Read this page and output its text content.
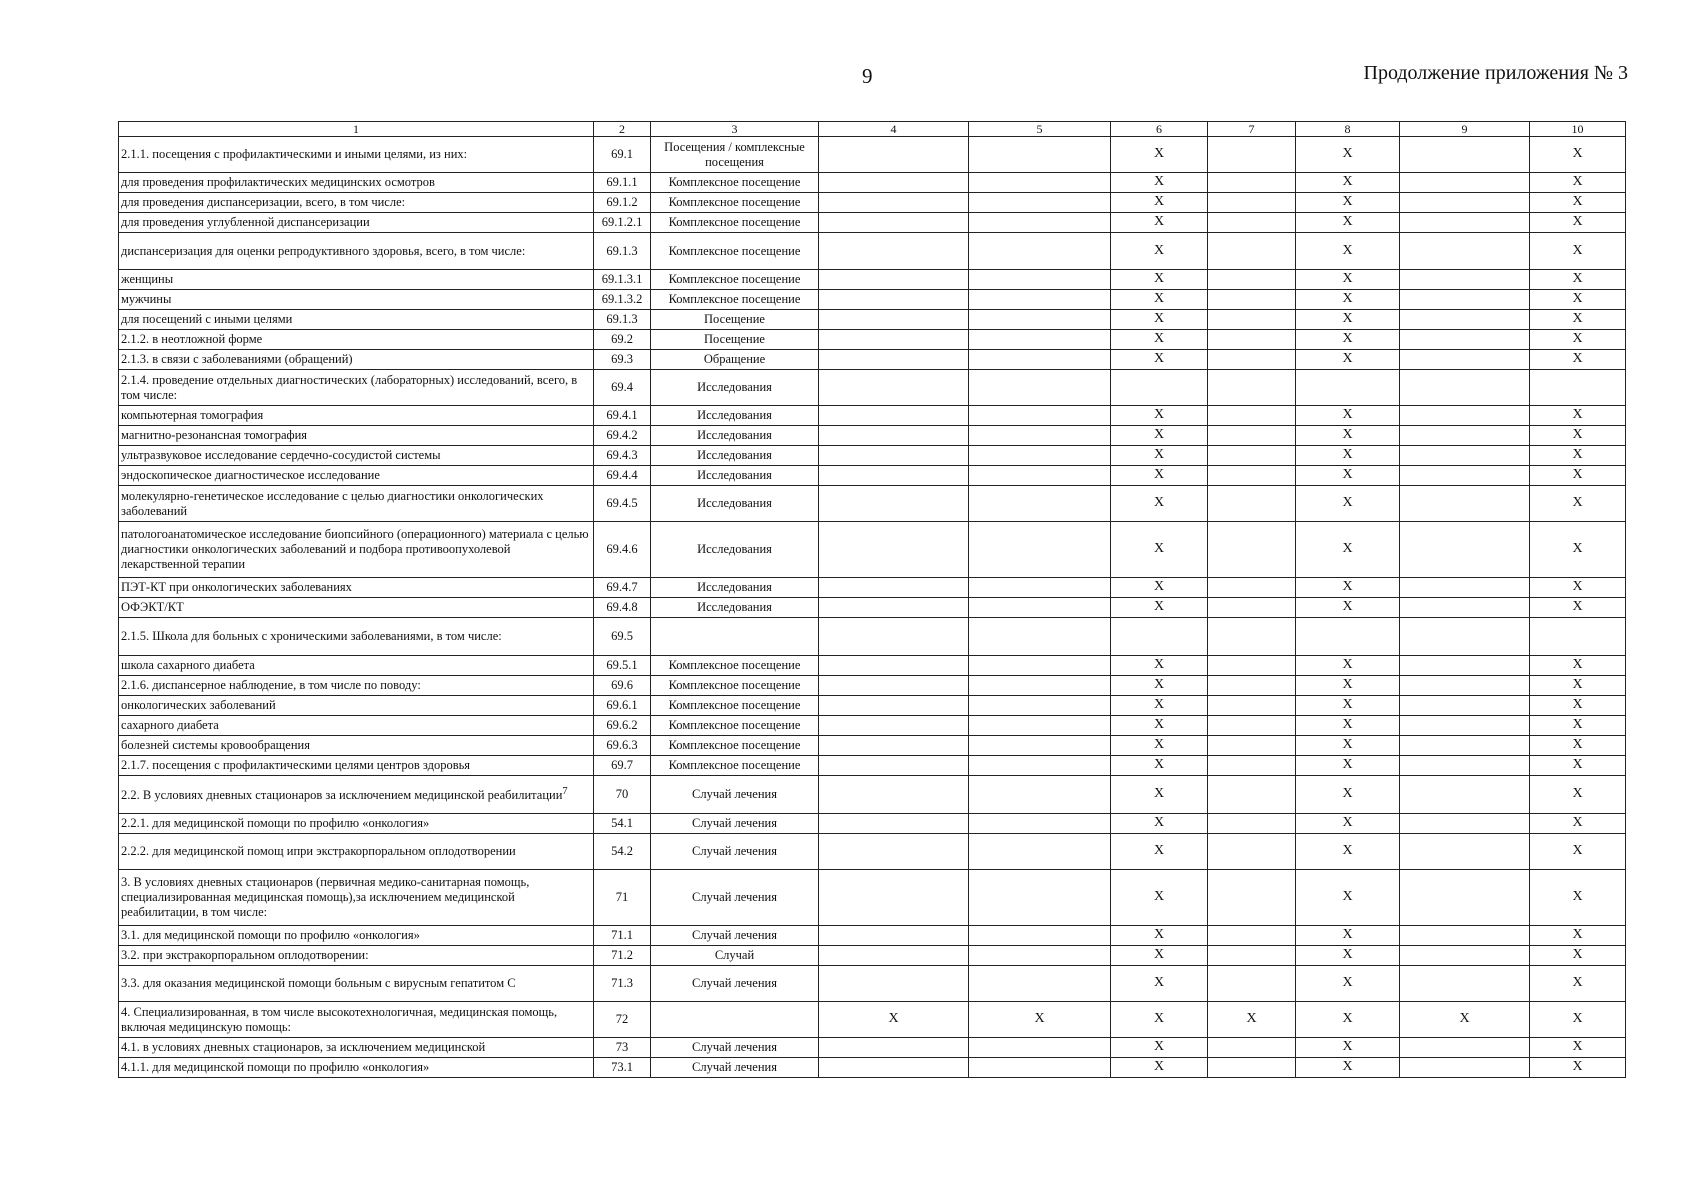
9	Продолжение приложения № 3
1	2	3	4	5	6	7	8	9	10
2.1.1. посещения с профилактическими и иными целями, из них:	69.1	Посещения / комплексные посещения			X		X		X
для проведения профилактических медицинских осмотров	69.1.1	Комплексное посещение			X		X		X
для проведения диспансеризации, всего, в том числе:	69.1.2	Комплексное посещение			X		X		X
для проведения углубленной диспансеризации	69.1.2.1	Комплексное посещение			X		X		X
диспансеризация для оценки репродуктивного здоровья, всего, в том числе:	69.1.3	Комплексное посещение			X		X		X
женщины	69.1.3.1	Комплексное посещение			X		X		X
мужчины	69.1.3.2	Комплексное посещение			X		X		X
для посещений с иными целями	69.1.3	Посещение			X		X		X
2.1.2. в неотложной форме	69.2	Посещение			X		X		X
2.1.3. в связи с заболеваниями (обращений)	69.3	Обращение			X		X		X
2.1.4. проведение отдельных диагностических (лабораторных) исследований, всего, в том числе:	69.4	Исследования							
компьютерная томография	69.4.1	Исследования			X		X		X
магнитно-резонансная томография	69.4.2	Исследования			X		X		X
ультразвуковое исследование сердечно-сосудистой системы	69.4.3	Исследования			X		X		X
эндоскопическое диагностическое исследование	69.4.4	Исследования			X		X		X
молекулярно-генетическое исследование с целью диагностики онкологических заболеваний	69.4.5	Исследования			X		X		X
патологоанатомическое исследование биопсийного (операционного) материала с целью диагностики онкологических заболеваний и подбора противоопухолевой лекарственной терапии	69.4.6	Исследования			X		X		X
ПЭТ-КТ при онкологических заболеваниях	69.4.7	Исследования			X		X		X
ОФЭКТ/КТ	69.4.8	Исследования			X		X		X
2.1.5. Школа для больных с хроническими заболеваниями, в том числе:	69.5								
школа сахарного диабета	69.5.1	Комплексное посещение			X		X		X
2.1.6. диспансерное наблюдение, в том числе по поводу:	69.6	Комплексное посещение			X		X		X
онкологических заболеваний	69.6.1	Комплексное посещение			X		X		X
сахарного диабета	69.6.2	Комплексное посещение			X		X		X
болезней системы кровообращения	69.6.3	Комплексное посещение			X		X		X
2.1.7. посещения с профилактическими целями центров здоровья	69.7	Комплексное посещение			X		X		X
2.2. В условиях дневных стационаров за исключением медицинской реабилитации$^7$	70	Случай лечения			X		X		X
2.2.1. для медицинской помощи по профилю «онкология»	54.1	Случай лечения			X		X		X
2.2.2. для медицинской помощ ипри экстракорпоральном оплодотворении	54.2	Случай лечения			X		X		X
3. В условиях дневных стационаров (первичная медико-санитарная помощь, специализированная медицинская помощь),за исключением медицинской реабилитации, в том числе:	71	Случай лечения			X		X		X
3.1. для медицинской помощи по профилю «онкология»	71.1	Случай лечения			X		X		X
3.2. при экстракорпоральном оплодотворении:	71.2	Случай			X		X		X
3.3. для оказания медицинской помощи больным с вирусным гепатитом С	71.3	Случай лечения			X		X		X
4. Специализированная, в том числе высокотехнологичная, медицинская помощь, включая медицинскую помощь:	72		X	X	X	X	X	X	X
4.1. в условиях дневных стационаров, за исключением медицинской	73	Случай лечения			X		X		X
4.1.1. для медицинской помощи по профилю «онкология»	73.1	Случай лечения			X		X		X
